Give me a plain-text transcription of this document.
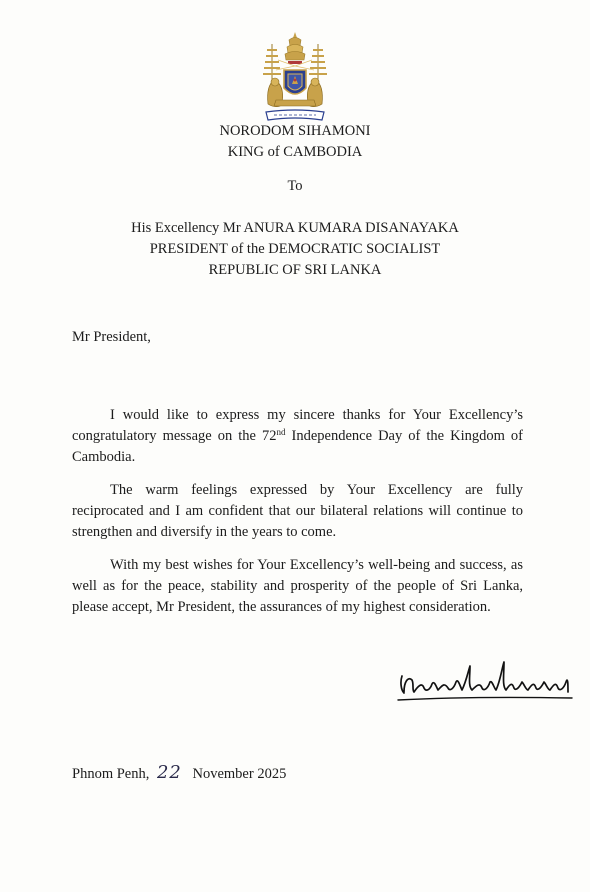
NORODOM SIHAMONI
KING of CAMBODIA
To
His Excellency Mr ANURA KUMARA DISANAYAKA
PRESIDENT of the DEMOCRATIC SOCIALIST
REPUBLIC OF SRI LANKA
Mr President,

I would like to express my sincere thanks for Your Excellency’s congratulatory message on the 72nd Independence Day of the Kingdom of Cambodia.

The warm feelings expressed by Your Excellency are fully reciprocated and I am confident that our bilateral relations will continue to strengthen and diversify in the years to come.

With my best wishes for Your Excellency’s well-being and success, as well as for the peace, stability and prosperity of the people of Sri Lanka, please accept, Mr President, the assurances of my highest consideration.

Phnom Penh, 22 November 2025
